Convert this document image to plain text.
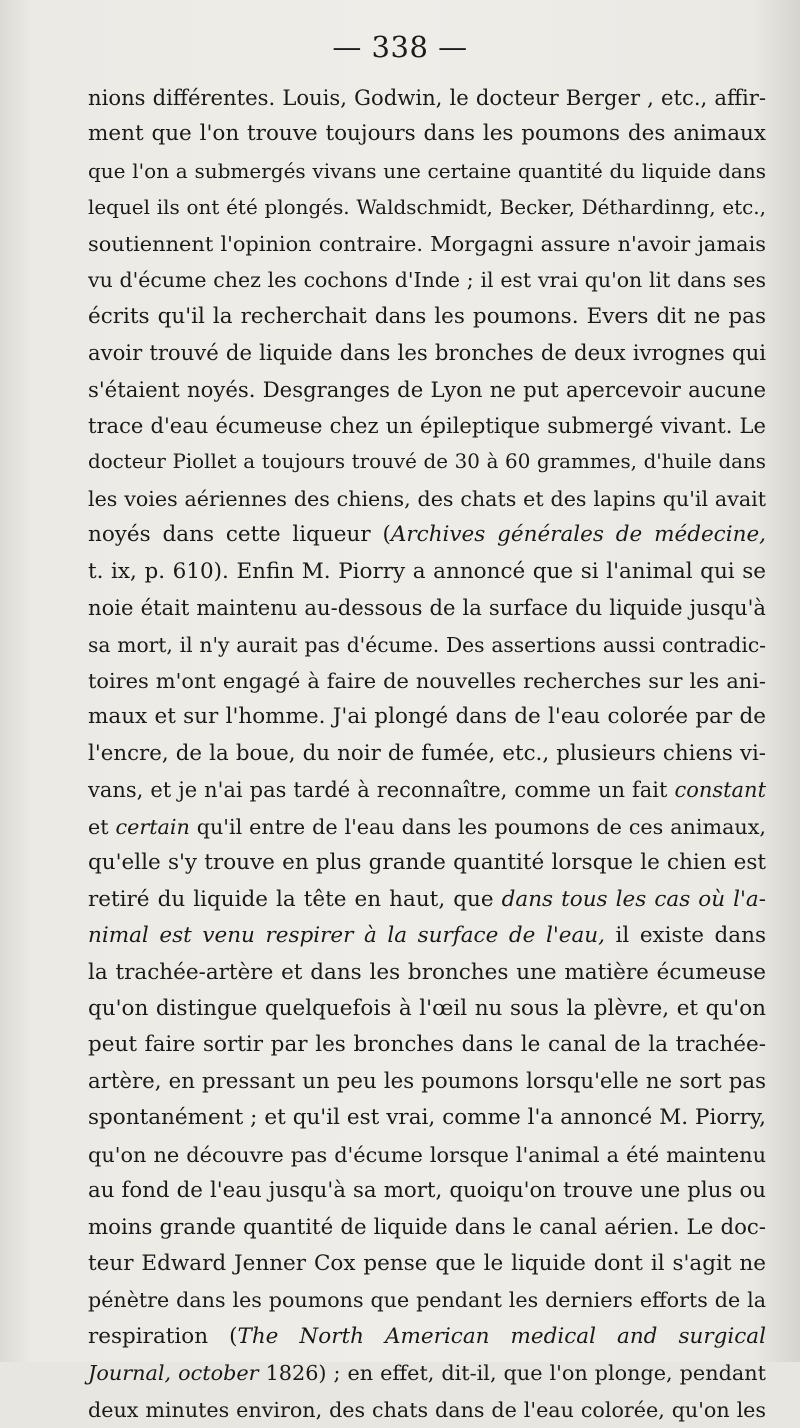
— 338 —
nions différentes. Louis, Godwin, le docteur Berger , etc., affir-
ment que l'on trouve toujours dans les poumons des animaux
que l'on a submergés vivans une certaine quantité du liquide dans
lequel ils ont été plongés. Waldschmidt, Becker, Déthardinng, etc.,
soutiennent l'opinion contraire. Morgagni assure n'avoir jamais
vu d'écume chez les cochons d'Inde ; il est vrai qu'on lit dans ses
écrits qu'il la recherchait dans les poumons. Evers dit ne pas
avoir trouvé de liquide dans les bronches de deux ivrognes qui
s'étaient noyés. Desgranges de Lyon ne put apercevoir aucune
trace d'eau écumeuse chez un épileptique submergé vivant. Le
docteur Piollet a toujours trouvé de 30 à 60 grammes, d'huile dans
les voies aériennes des chiens, des chats et des lapins qu'il avait
noyés dans cette liqueur (Archives générales de médecine,
t. ix, p. 610). Enfin M. Piorry a annoncé que si l'animal qui se
noie était maintenu au-dessous de la surface du liquide jusqu'à
sa mort, il n'y aurait pas d'écume. Des assertions aussi contradic-
toires m'ont engagé à faire de nouvelles recherches sur les ani-
maux et sur l'homme. J'ai plongé dans de l'eau colorée par de
l'encre, de la boue, du noir de fumée, etc., plusieurs chiens vi-
vans, et je n'ai pas tardé à reconnaître, comme un fait constant
et certain qu'il entre de l'eau dans les poumons de ces animaux,
qu'elle s'y trouve en plus grande quantité lorsque le chien est
retiré du liquide la tête en haut, que dans tous les cas où l'a-
nimal est venu respirer à la surface de l'eau, il existe dans
la trachée-artère et dans les bronches une matière écumeuse
qu'on distingue quelquefois à l'œil nu sous la plèvre, et qu'on
peut faire sortir par les bronches dans le canal de la trachée-
artère, en pressant un peu les poumons lorsqu'elle ne sort pas
spontanément ; et qu'il est vrai, comme l'a annoncé M. Piorry,
qu'on ne découvre pas d'écume lorsque l'animal a été maintenu
au fond de l'eau jusqu'à sa mort, quoiqu'on trouve une plus ou
moins grande quantité de liquide dans le canal aérien. Le doc-
teur Edward Jenner Cox pense que le liquide dont il s'agit ne
pénètre dans les poumons que pendant les derniers efforts de la
respiration (The North American medical and surgical
Journal, october 1826) ; en effet, dit-il, que l'on plonge, pendant
deux minutes environ, des chats dans de l'eau colorée, qu'on les
